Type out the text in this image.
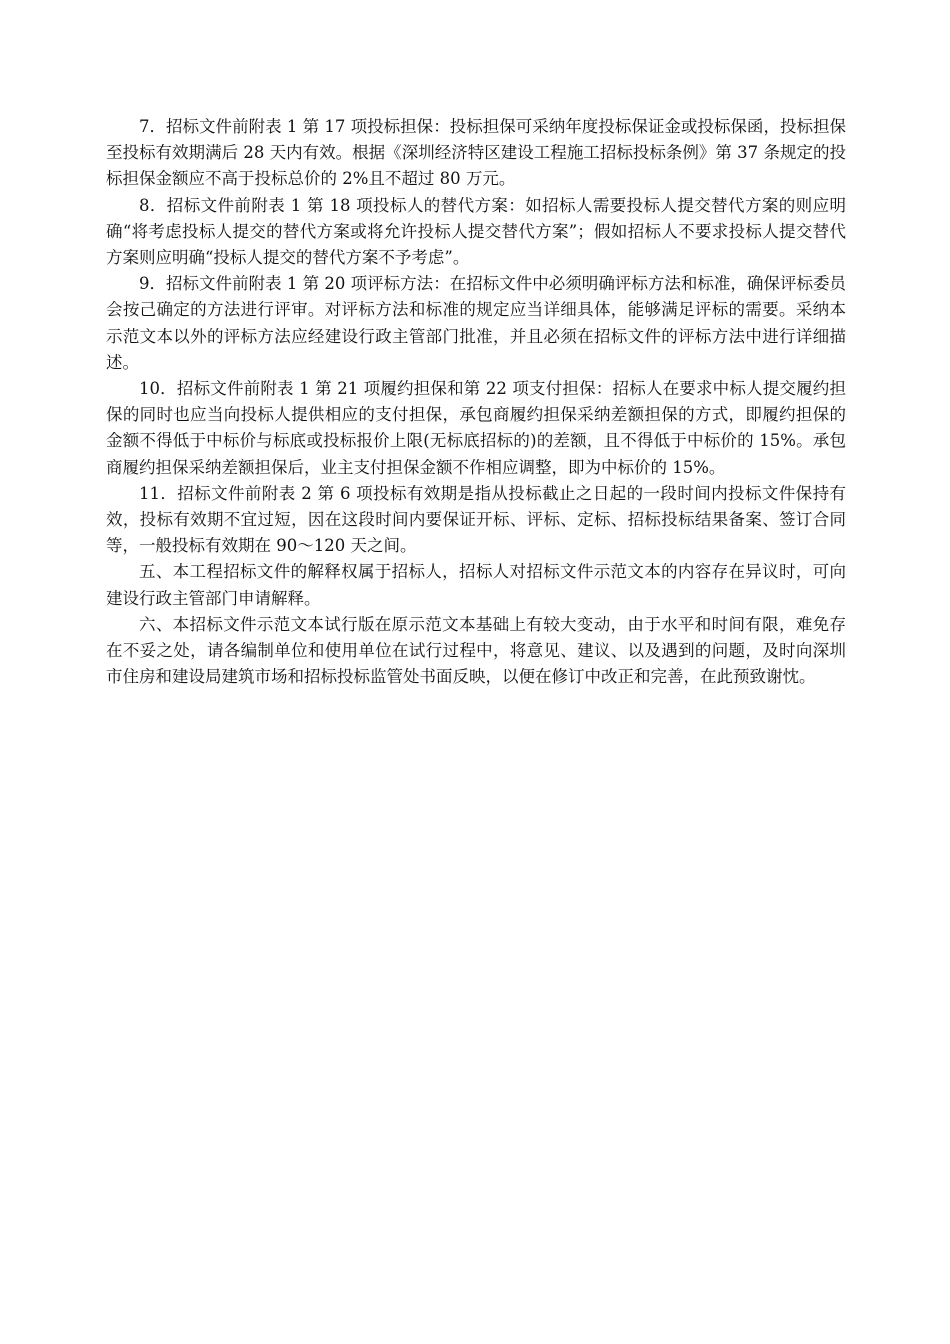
7．招标文件前附表 1 第 17 项投标担保：投标担保可采纳年度投标保证金或投标保函，投标担保至投标有效期满后 28 天内有效。根据《深圳经济特区建设工程施工招标投标条例》第 37 条规定的投标担保金额应不高于投标总价的 2%且不超过 80 万元。

8．招标文件前附表 1 第 18 项投标人的替代方案：如招标人需要投标人提交替代方案的则应明确“将考虑投标人提交的替代方案或将允许投标人提交替代方案”；假如招标人不要求投标人提交替代方案则应明确“投标人提交的替代方案不予考虑”。

9．招标文件前附表 1 第 20 项评标方法：在招标文件中必须明确评标方法和标准，确保评标委员会按己确定的方法进行评审。对评标方法和标准的规定应当详细具体，能够满足评标的需要。采纳本示范文本以外的评标方法应经建设行政主管部门批准，并且必须在招标文件的评标方法中进行详细描述。

10．招标文件前附表 1 第 21 项履约担保和第 22 项支付担保：招标人在要求中标人提交履约担保的同时也应当向投标人提供相应的支付担保，承包商履约担保采纳差额担保的方式，即履约担保的金额不得低于中标价与标底或投标报价上限(无标底招标的)的差额，且不得低于中标价的 15%。承包商履约担保采纳差额担保后，业主支付担保金额不作相应调整，即为中标价的 15%。

11．招标文件前附表 2 第 6 项投标有效期是指从投标截止之日起的一段时间内投标文件保持有效，投标有效期不宜过短，因在这段时间内要保证开标、评标、定标、招标投标结果备案、签订合同等，一般投标有效期在 90～120 天之间。

五、本工程招标文件的解释权属于招标人，招标人对招标文件示范文本的内容存在异议时，可向建设行政主管部门申请解释。

六、本招标文件示范文本试行版在原示范文本基础上有较大变动，由于水平和时间有限，难免存在不妥之处，请各编制单位和使用单位在试行过程中，将意见、建议、以及遇到的问题，及时向深圳市住房和建设局建筑市场和招标投标监管处书面反映，以便在修订中改正和完善，在此预致谢忱。
